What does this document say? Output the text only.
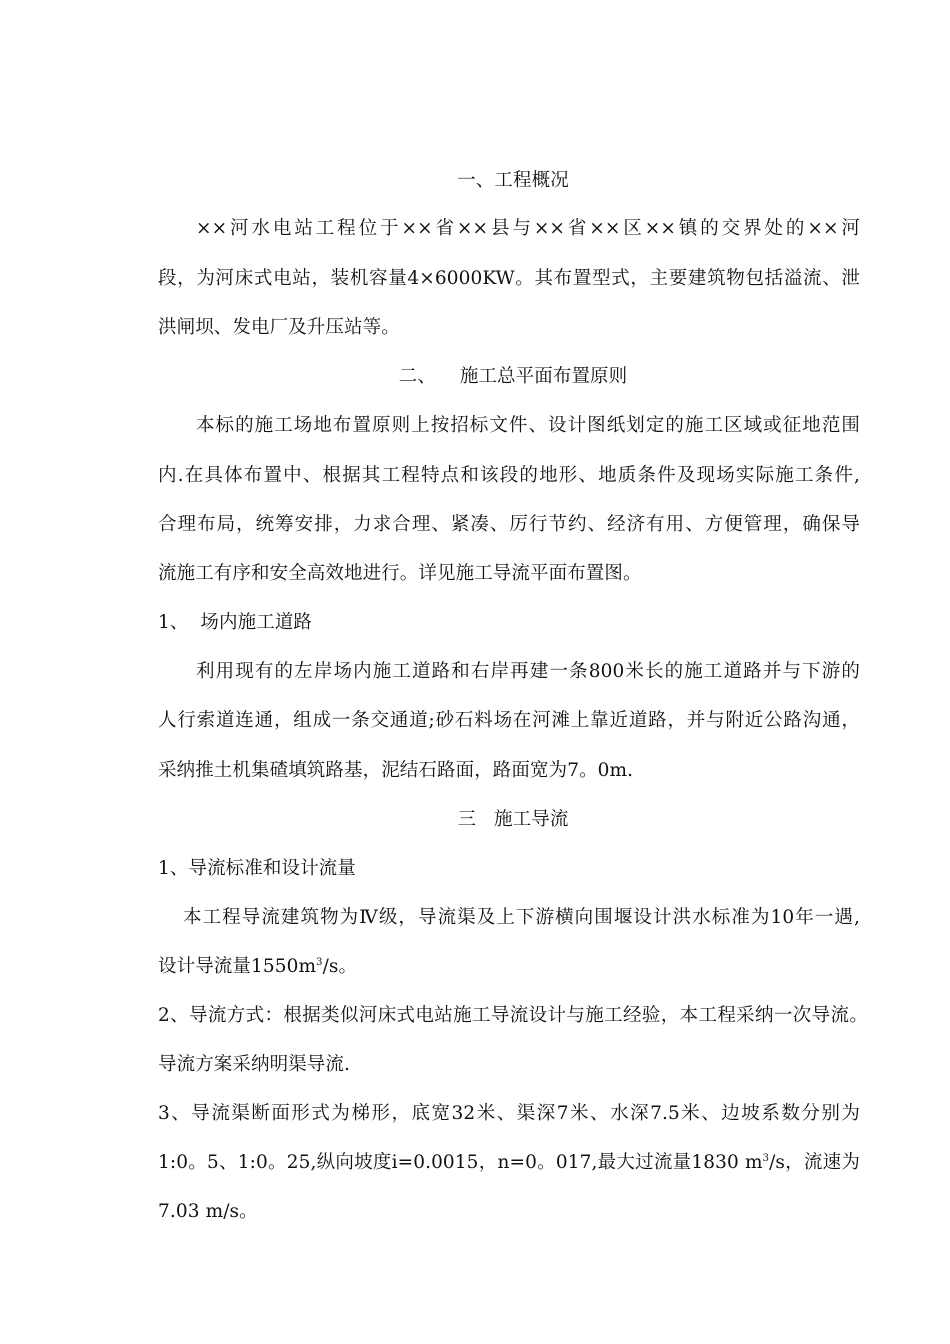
一、工程概况

××河水电站工程位于××省××县与××省××区××镇的交界处的××河

段，为河床式电站，装机容量4×6000KW。其布置型式，主要建筑物包括溢流、泄

洪闸坝、发电厂及升压站等。

二、    施工总平面布置原则

本标的施工场地布置原则上按招标文件、设计图纸划定的施工区域或征地范围

内.在具体布置中、根据其工程特点和该段的地形、地质条件及现场实际施工条件,

合理布局，统筹安排，力求合理、紧凑、厉行节约、经济有用、方便管理，确保导

流施工有序和安全高效地进行。详见施工导流平面布置图。

1、  场内施工道路

利用现有的左岸场内施工道路和右岸再建一条800米长的施工道路并与下游的

人行索道连通，组成一条交通道;砂石料场在河滩上靠近道路，并与附近公路沟通，

采纳推土机集碴填筑路基，泥结石路面，路面宽为7。0m.

三   施工导流

1、导流标准和设计流量

本工程导流建筑物为Ⅳ级，导流渠及上下游横向围堰设计洪水标准为10年一遇,

设计导流量$1550m^3/s$。

2、导流方式：根据类似河床式电站施工导流设计与施工经验，本工程采纳一次导流。

导流方案采纳明渠导流.

3、导流渠断面形式为梯形，底宽32米、渠深7米、水深7.5米、边坡系数分别为

1:0。5、1:0。25,纵向坡度i=0.0015，n=0。017,最大过流量1830 $m^3/s$，流速为

7.03 m/s。
